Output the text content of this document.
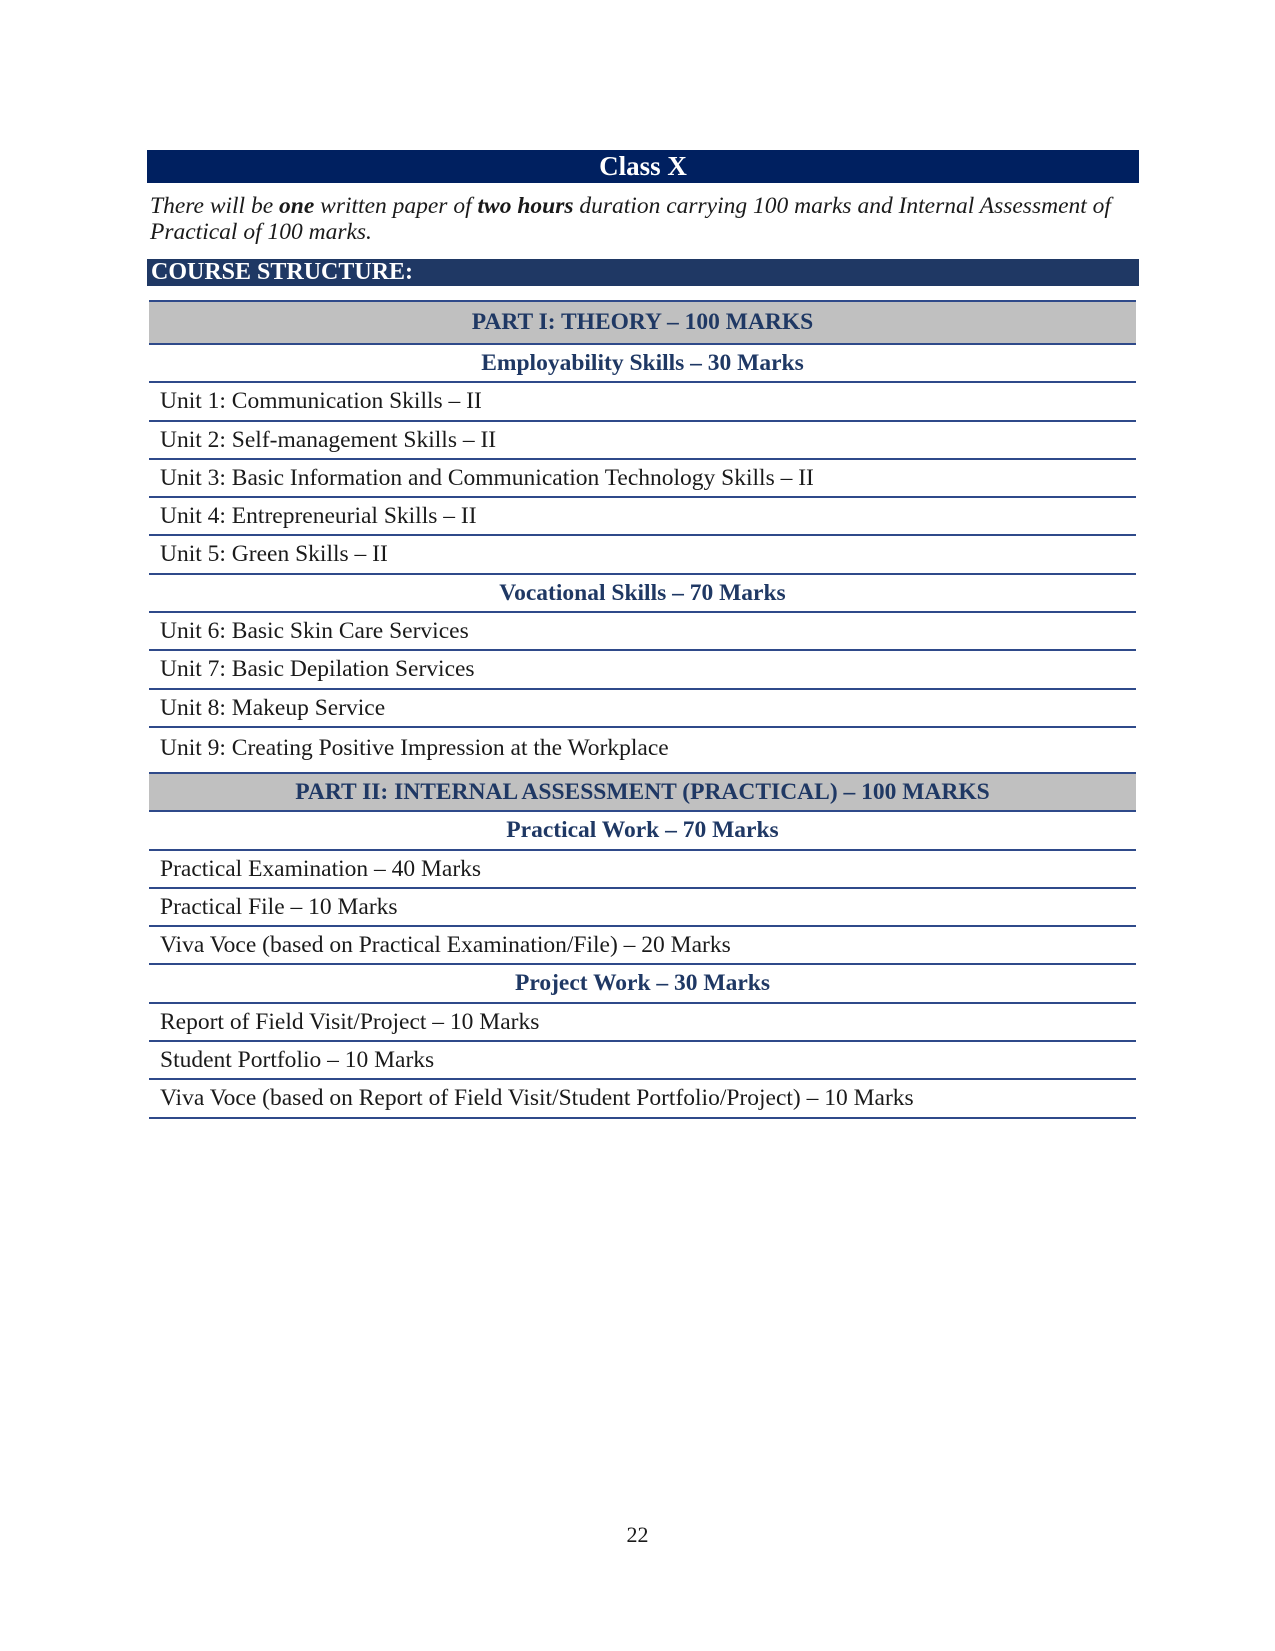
Class X
There will be one written paper of two hours duration carrying 100 marks and Internal Assessment of Practical of 100 marks.
COURSE STRUCTURE:
PART I: THEORY – 100 MARKS
Employability Skills – 30 Marks
Unit 1: Communication Skills – II
Unit 2: Self-management Skills – II
Unit 3: Basic Information and Communication Technology Skills – II
Unit 4: Entrepreneurial Skills – II
Unit 5: Green Skills – II
Vocational Skills – 70 Marks
Unit 6: Basic Skin Care Services
Unit 7: Basic Depilation Services
Unit 8: Makeup Service
Unit 9: Creating Positive Impression at the Workplace
PART II: INTERNAL ASSESSMENT (PRACTICAL) – 100 MARKS
Practical Work – 70 Marks
Practical Examination – 40 Marks
Practical File – 10 Marks
Viva Voce (based on Practical Examination/File) – 20 Marks
Project Work – 30 Marks
Report of Field Visit/Project – 10 Marks
Student Portfolio – 10 Marks
Viva Voce (based on Report of Field Visit/Student Portfolio/Project) – 10 Marks
22
